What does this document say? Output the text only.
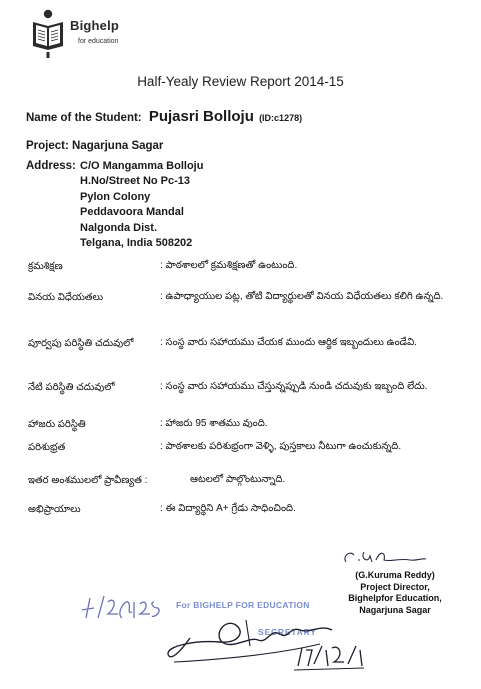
Bighelp
for education
Half-Yealy Review Report 2014-15
Name of the Student: Pujasri Bolloju (ID:c1278)
Project: Nagarjuna Sagar
Address: C/O Mangamma Bolloju
H.No/Street No Pc-13
Pylon Colony
Peddavoora Mandal
Nalgonda Dist.
Telgana, India 508202
క్రమశిక్షణ	: పాఠశాలలో క్రమశిక్షణతో ఉంటుంది.
వినయ విధేయతలు	: ఉపాధ్యాయుల పట్ల, తోటి విద్యార్థులతో వినయ విధేయతలు కలిగి ఉన్నది.
పూర్వపు పరిస్థితి చదువులో	: సంస్థ వారు సహాయము చేయక ముందు ఆర్థిక ఇబ్బందులు ఉండేవి.
నేటి పరిస్థితి చదువులో	: సంస్థ వారు సహాయము చేస్తున్నప్పుడి నుండి చదువుకు ఇబ్బంది లేదు.
హాజరు పరిస్థితి	: హాజరు 95 శాతము వుంది.
పరిశుభ్రత	: పాఠశాలకు పరిశుభ్రంగా వెళ్ళి, పుస్తకాలు నీటుగా ఉంచుకున్నది.
ఇతర అంశములలో ప్రావీణ్యత :	ఆటలలో పాల్గొంటున్నాది.
అభిప్రాయాలు	: ఈ విద్యార్థిని A+ గ్రేడు సాధించింది.
(G.Kuruma Reddy)
Project Director,
Bighelpfor Education,
Nagarjuna Sagar
For BIGHELP FOR EDUCATION
SECRETARY
